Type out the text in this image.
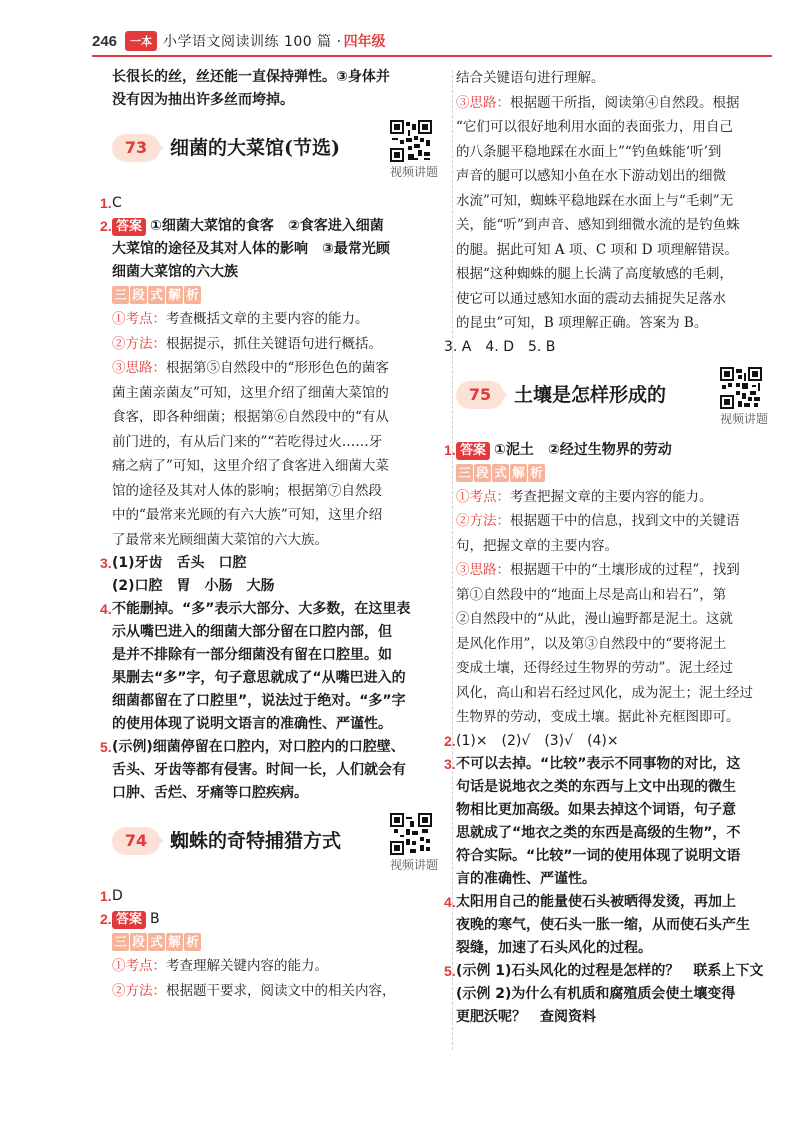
246	一本 小学语文阅读训练 100 篇 · 四年级

长很长的丝，丝还能一直保持弹性。③身体并

没有因为抽出许多丝而垮掉。

73	细菌的大菜馆(节选)
视频讲题
1. C
2. 答案 ①细菌大菜馆的食客　②食客进入细菌

大菜馆的途径及其对人体的影响　③最常光顾

细菌大菜馆的六大族

三 段 式 解 析

①考点：考查概括文章的主要内容的能力。

②方法：根据提示，抓住关键语句进行概括。

③思路：根据第⑤自然段中的“形形色色的菌客

菌主菌亲菌友”可知，这里介绍了细菌大菜馆的

食客，即各种细菌；根据第⑥自然段中的“有从

前门进的，有从后门来的”“若吃得过火……牙

痛之病了”可知，这里介绍了食客进入细菌大菜

馆的途径及其对人体的影响；根据第⑦自然段

中的“最常来光顾的有六大族”可知，这里介绍

了最常来光顾细菌大菜馆的六大族。

3. (1)牙齿　舌头　口腔

(2)口腔　胃　小肠　大肠

4. 不能删掉。“多”表示大部分、大多数，在这里表

示从嘴巴进入的细菌大部分留在口腔内部，但

是并不排除有一部分细菌没有留在口腔里。如

果删去“多”字，句子意思就成了“从嘴巴进入的

细菌都留在了口腔里”，说法过于绝对。“多”字

的使用体现了说明文语言的准确性、严谨性。

5. (示例)细菌停留在口腔内，对口腔内的口腔壁、

舌头、牙齿等都有侵害。时间一长，人们就会有

口肿、舌烂、牙痛等口腔疾病。

74	蜘蛛的奇特捕猎方式
视频讲题
1. D
2. 答案 B

三 段 式 解 析

①考点：考查理解关键内容的能力。

②方法：根据题干要求，阅读文中的相关内容，

结合关键语句进行理解。

③思路：根据题干所指，阅读第④自然段。根据

“它们可以很好地利用水面的表面张力，用自己

的八条腿平稳地踩在水面上”“钓鱼蛛能‘听’到

声音的腿可以感知小鱼在水下游动划出的细微

水流”可知，蜘蛛平稳地踩在水面上与“毛刺”无

关，能“听”到声音、感知到细微水流的是钓鱼蛛

的腿。据此可知 A 项、C 项和 D 项理解错误。

根据“这种蜘蛛的腿上长满了高度敏感的毛刺，

使它可以通过感知水面的震动去捕捉失足落水

的昆虫”可知，B 项理解正确。答案为 B。

3. A　4. D　5. B

75	土壤是怎样形成的
视频讲题
1. 答案 ①泥土　②经过生物界的劳动

三 段 式 解 析

①考点：考查把握文章的主要内容的能力。

②方法：根据题干中的信息，找到文中的关键语

句，把握文章的主要内容。

③思路：根据题干中的“土壤形成的过程”，找到

第①自然段中的“地面上尽是高山和岩石”，第

②自然段中的“从此，漫山遍野都是泥土。这就

是风化作用”，以及第③自然段中的“要将泥土

变成土壤，还得经过生物界的劳动”。泥土经过

风化，高山和岩石经过风化，成为泥土；泥土经过

生物界的劳动，变成土壤。据此补充框图即可。

2. (1)×　(2)√　(3)√　(4)×
3. 不可以去掉。“比较”表示不同事物的对比，这

句话是说地衣之类的东西与上文中出现的微生

物相比更加高级。如果去掉这个词语，句子意

思就成了“地衣之类的东西是高级的生物”，不

符合实际。“比较”一词的使用体现了说明文语

言的准确性、严谨性。

4. 太阳用自己的能量使石头被晒得发烫，再加上

夜晚的寒气，使石头一胀一缩，从而使石头产生

裂缝，加速了石头风化的过程。

5. (示例 1)石头风化的过程是怎样的？　联系上下文

(示例 2)为什么有机质和腐殖质会使土壤变得

更肥沃呢？　查阅资料
